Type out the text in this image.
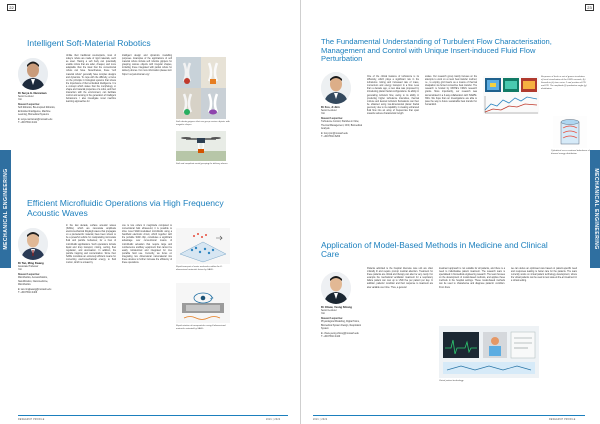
22
MECHANICAL ENGINEERING
Intelligent Soft-Material Robotics
Dr Surya G. Nurzaman
Senior Lecturer
Yeti
Research expertise:
Soft Robotics, Bio-inspired Robotics, Embodied Intelligence, Machine Learning, Biomedical Systems
E: surya.nurzaman@monash.edu
T: +603 5514 4441
Unlike their traditional counterparts, most of today's robots are made of rigid materials, such as steel. Having a soft body can potentially enable robots that are safer, cheaper, and more adaptable than the ideal that the conventional robots can have. Nevertheless, these "soft material robots" generally have complex designs and dynamics. To cope with the difficulty, a focus on the principle in biological systems that shows the importance of their embodied intelligence. It is a concept which states that the morphology or shape and material properties of a robot, and their interaction with the environment, can facilitate control and sensing in the generation of intelligent behaviours. I also investigate novel machine learning approaches for
intelligent design and dynamics modelling purposes. Examples of the applications of soft material robots include soft robotics grippers for grasping various objects with irregular shapes, including those integrated with partial robots for delivery drones. For more information please visit: https:// suryanurzaman.org/
Soft robotic grippers that can grasp various objects with irregular shapes
Soft and compliant aerial grasping for delivery drones
Efficient Microfluidic Operations via High Frequency Acoustic Waves
Dr Tan, Ming Kwang
Associate Professor
Yeti
Research expertise:
Microfluidics, Acoustofluidics, Nanofiltration, Nanomedicine, Microfluidics
E: tan.mingkwang@monash.edu
T: +603 5514 4406
In the last decade, surface acoustic waves (SAWs), which are nanoscale amplitude electromechanical Rayleigh waves that propagate on a piezoelectric material, have been shown to be a powerful vehicle for manipulating microscale fluid and particle behaviour, for a host of microfluidic applications. Such operations include liquid and drop transport, mixing, sorting, flow regulation, and atomisation. In addition, the particle trapping and concentration. Since then SAWs constitute an extremely efficient means for converting electromechanical energy to fluid motion, which is at least by
one to two orders in magnitude compared to conventional bulk ultrasound, it is possible to drive novel SAW-modulated microfluidic using a handheld electronic circuit, which together with the portable SAW chip, constitutes a significant advantage over conventional means of microfluidic actuation that require large and cumbersome ancillary equipment that cannot be easily miniaturized and integrated for true portable field use. Currently, we focus on integrating low dimensional nanomaterial into these devices to further increase the efficiency of these operations.
Rapid transport of water molecules within the 2-dimensional materials driven by SAWs
Rapid rotation of nanoparticles using 2-dimensional materials actuated by SAWs
RESEARCH PROFILE	2021 | 2022
23
MECHANICAL ENGINEERING
The Fundamental Understanding of Turbulent Flow Characterisation, Management and Control with Unique Insert-induced Fluid Flow Perturbation
Dr Foo, Ji Jinn
Senior Lecturer
Yeti
Research expertise:
Turbulence Control, Particles in Flow, Thermal Management, CFD, Biomedical Analysis
E: foo.ji.jinn@monash.edu
T: +603 5514 6260
One of the critical features of turbulence is its diffusivity, which plays a significant role in the turbulence mixing and increased rate of mass, momentum and energy transport in a flow. Less than a decade ago, a new idea was proposed by introducing planar fractal configurations. Its ability in generating turbulent flow, owing to its ability in producing higher turbulence intensities, thermal mixture and desired turbulent fluctuations can then be obtained using low-dimensional planar fractal geometry due to its capability in creating enhanced fluid flow into an array of frequencies that span towards various characteristic length
scales. Our research group mainly focuses on the attempts to work on a novel heat transfer method, i.e., to employ grid inserts as a means of thermal dissipation via forced convective heat transfer. The research is funded by MOHE's FRGS research grants. More importantly, our research was demonstrated in a 3-way collaboration with ISAWM-NSG. We hope that our investigations are able to pave the way to future sustainable heat transfer for humankind.
Response of fresh or cut of grease insulation: a) local visualisation of the 0.625 seconds; (b) Smooth in (c) time series 1 and position of PIV and PIV. The amplitude (f) production angle (g) distribution.
Cylindrical cross-sectional turbulence of thermal energy distribution
Application of Model-Based Methods in Medicine and Clinical Care
Dr Chiew, Yeong Shiong
Senior Lecturer
Yeti
Research expertise:
Physiological Modelling, Digital Twins, Biomedical System Design, Respiration System
E: chiew.yeong.shiong@monash.edu
T: +603 5514 4440
Patients admitted to the hospital intensive care unit are often critically ill and require prompt medical attention. Treatment for these patients are critical and therapy can also be very costly. For example the mechanical ventilation treatment for a respiratory failure patient can cost up to USD five per patient per day. In addition, patients' condition and their response to treatment are also variable over time. Thus, a general
treatment approach is not suitable for all patients, and there is a need to individualise patient treatment. The research team is specialised in biomedical engineering research. The team focuses on the development of model-based methods, and applies these methods in the hospital settings. These model-based methods can be used to characterise and diagnose patients' condition. From there
we can derive an optimised care based on patient-specific need and responses leading to better care for the patients. The team currently works on virtual patient technology development, where the virtual patients can be used to test state-of-the-art treatment in a virtual setting.
Virtual patient technology
2021 | 2022	RESEARCH PROFILE
